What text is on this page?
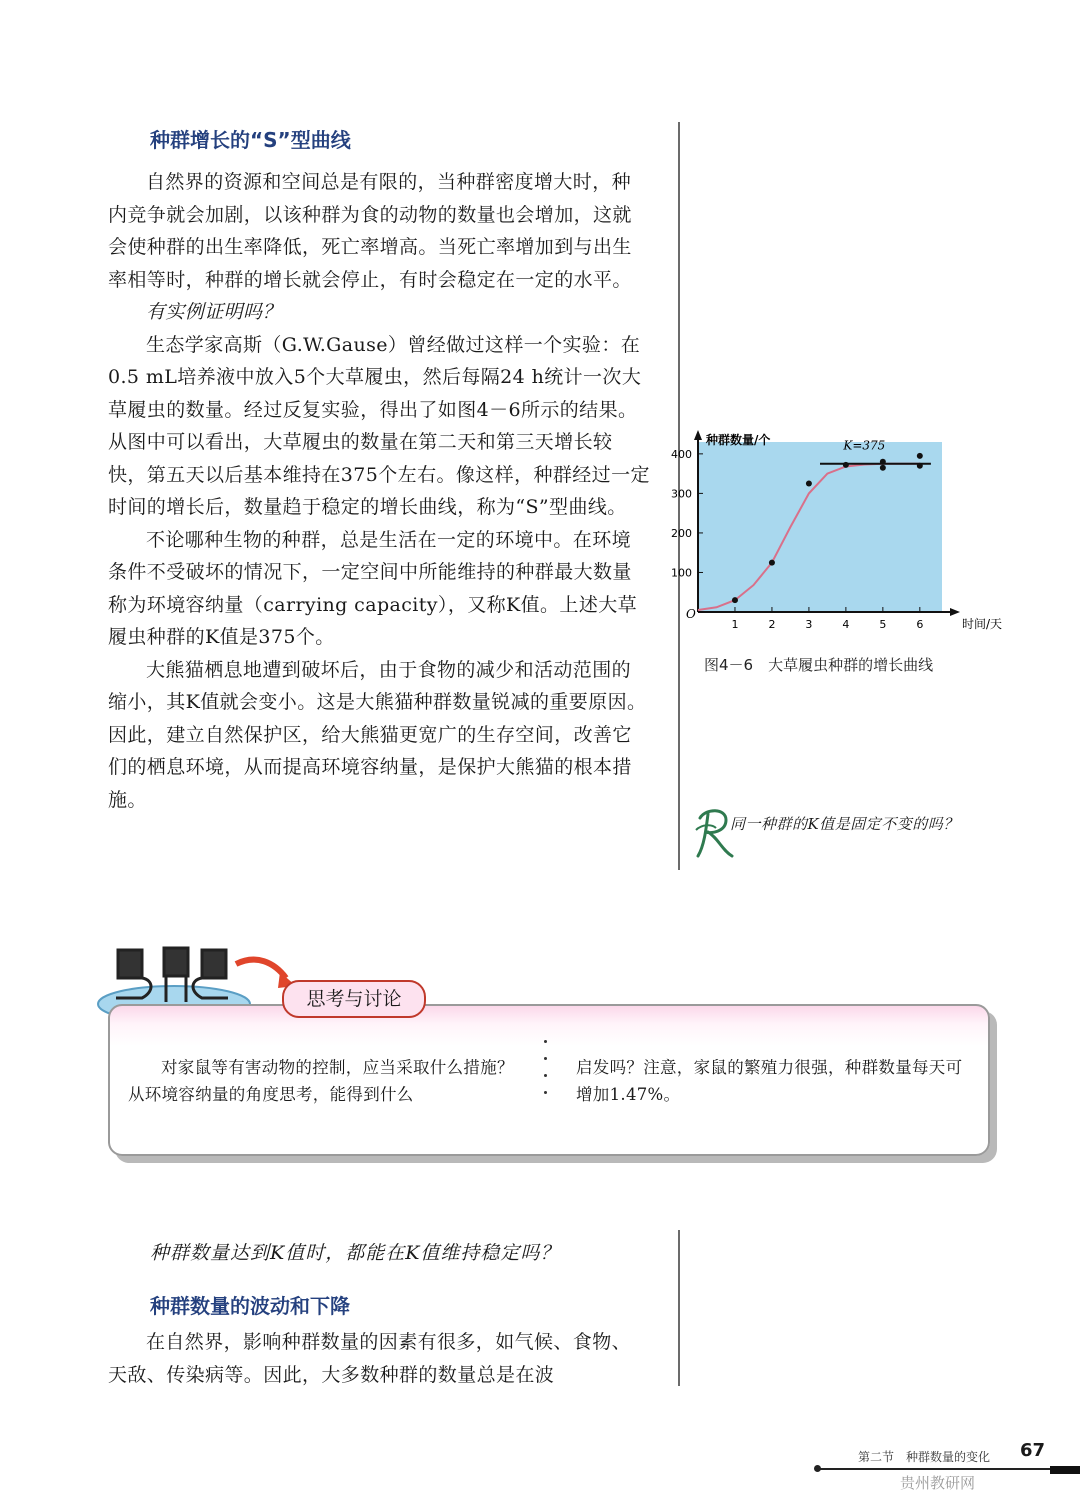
种群增长的“S”型曲线

自然界的资源和空间总是有限的，当种群密度增大时，种内竞争就会加剧，以该种群为食的动物的数量也会增加，这就会使种群的出生率降低，死亡率增高。当死亡率增加到与出生率相等时，种群的增长就会停止，有时会稳定在一定的水平。

有实例证明吗？

生态学家高斯（G.W.Gause）曾经做过这样一个实验：在0.5 mL培养液中放入5个大草履虫，然后每隔24 h统计一次大草履虫的数量。经过反复实验，得出了如图4－6所示的结果。从图中可以看出，大草履虫的数量在第二天和第三天增长较快，第五天以后基本维持在375个左右。像这样，种群经过一定时间的增长后，数量趋于稳定的增长曲线，称为“S”型曲线。

不论哪种生物的种群，总是生活在一定的环境中。在环境条件不受破坏的情况下，一定空间中所能维持的种群最大数量称为环境容纳量（carrying capacity），又称K值。上述大草履虫种群的K值是375个。

大熊猫栖息地遭到破坏后，由于食物的减少和活动范围的缩小，其K值就会变小。这是大熊猫种群数量锐减的重要原因。因此，建立自然保护区，给大熊猫更宽广的生存空间，改善它们的栖息环境，从而提高环境容纳量，是保护大熊猫的根本措施。

100
200
300
400
1	2	3	4	5	6
O
种群数量/个
时间/天
K=375
图4－6　大草履虫种群的增长曲线
同一种群的K值是固定不变的吗？
思考与讨论
对家鼠等有害动物的控制，应当采取什么措施？从环境容纳量的角度思考，能得到什么
启发吗？注意，家鼠的繁殖力很强，种群数量每天可增加1.47%。
种群数量达到K值时，都能在K值维持稳定吗？
种群数量的波动和下降

在自然界，影响种群数量的因素有很多，如气候、食物、天敌、传染病等。因此，大多数种群的数量总是在波

第二节　种群数量的变化 67
贵州教研网
